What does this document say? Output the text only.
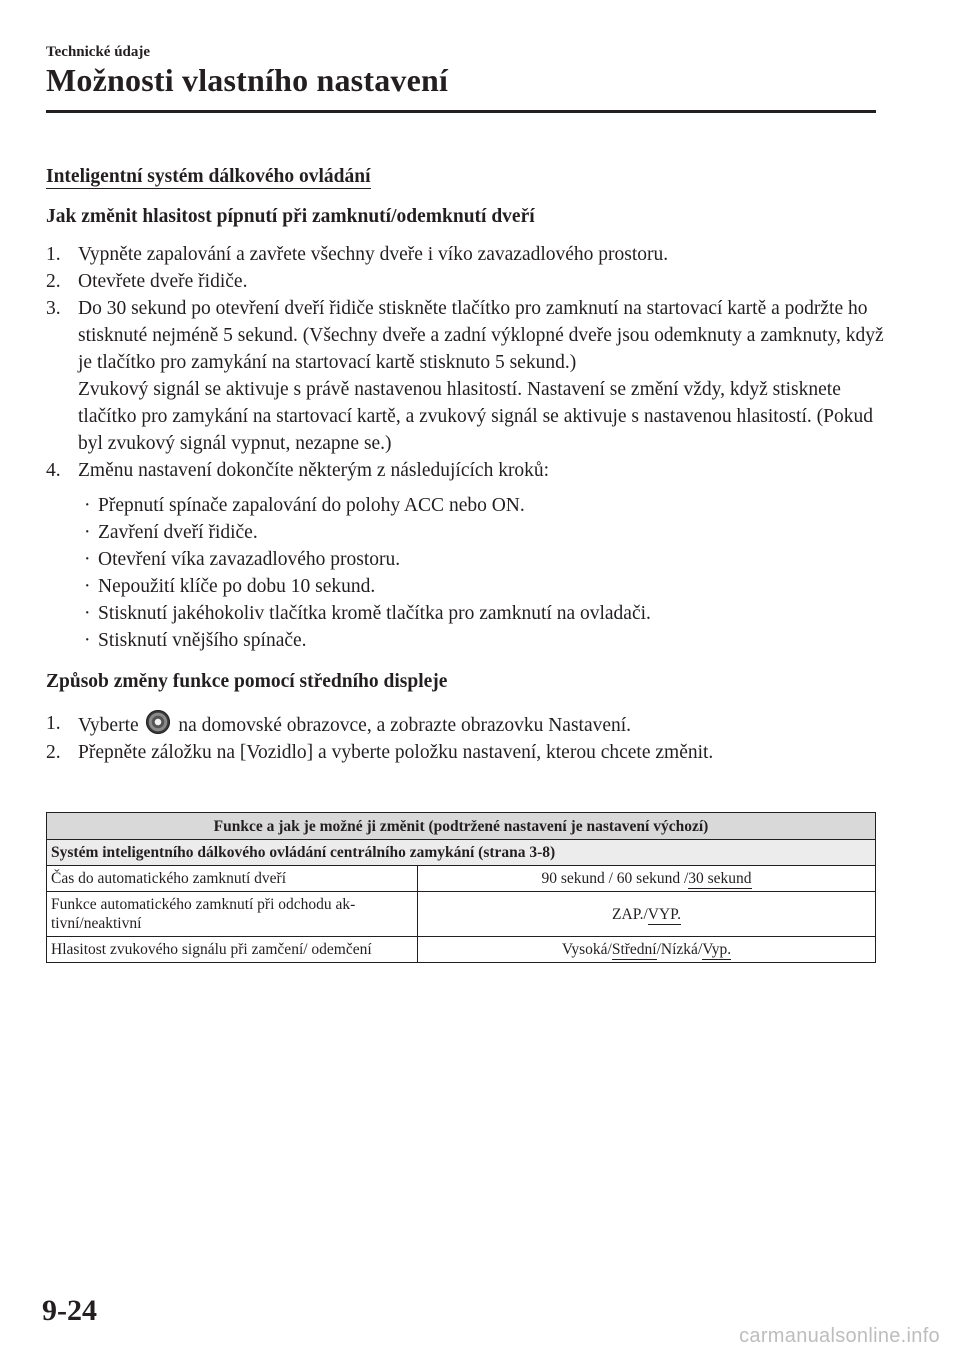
Technické údaje
Možnosti vlastního nastavení
Inteligentní systém dálkového ovládání
Jak změnit hlasitost pípnutí při zamknutí/odemknutí dveří
1. Vypněte zapalování a zavřete všechny dveře i víko zavazadlového prostoru.
2. Otevřete dveře řidiče.
3. Do 30 sekund po otevření dveří řidiče stiskněte tlačítko pro zamknutí na startovací kartě a podržte ho stisknuté nejméně 5 sekund. (Všechny dveře a zadní výklopné dveře jsou odemknuty a zamknuty, když je tlačítko pro zamykání na startovací kartě stisknuto 5 sekund.)
Zvukový signál se aktivuje s právě nastavenou hlasitostí. Nastavení se změní vždy, když stisknete tlačítko pro zamykání na startovací kartě, a zvukový signál se aktivuje s nastavenou hlasitostí. (Pokud byl zvukový signál vypnut, nezapne se.)
4. Změnu nastavení dokončíte některým z následujících kroků:
· Přepnutí spínače zapalování do polohy ACC nebo ON.
· Zavření dveří řidiče.
· Otevření víka zavazadlového prostoru.
· Nepoužití klíče po dobu 10 sekund.
· Stisknutí jakéhokoliv tlačítka kromě tlačítka pro zamknutí na ovladači.
· Stisknutí vnějšího spínače.
Způsob změny funkce pomocí středního displeje
1. Vyberte na domovské obrazovce, a zobrazte obrazovku Nastavení.
2. Přepněte záložku na [Vozidlo] a vyberte položku nastavení, kterou chcete změnit.
Funkce a jak je možné ji změnit (podtržené nastavení je nastavení výchozí)	
Systém inteligentního dálkového ovládání centrálního zamykání (strana 3-8)	
Čas do automatického zamknutí dveří	90 sekund / 60 sekund /30 sekund
Funkce automatického zamknutí při odchodu aktivní/neaktivní	ZAP./VYP.
Hlasitost zvukového signálu při zamčení/ odemčení	Vysoká/Střední/Nízká/Vyp.
9-24
carmanualsonline.info
